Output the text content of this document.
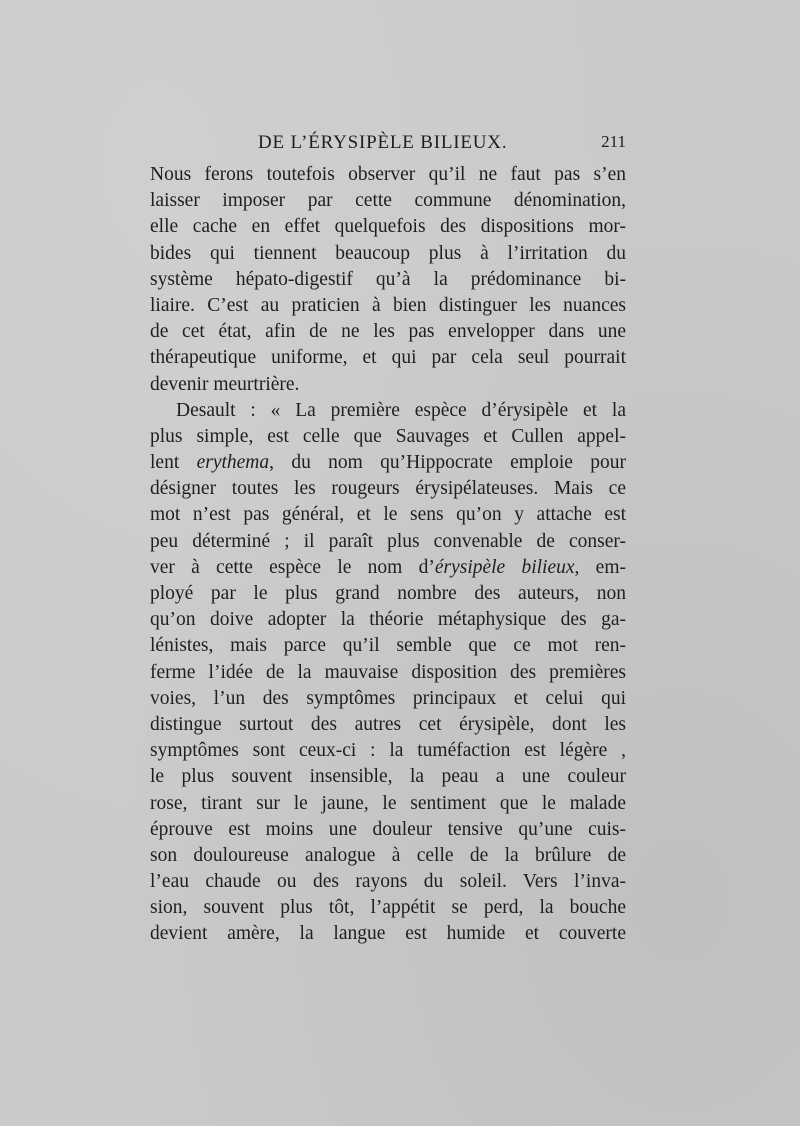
DE L’ÉRYSIPÈLE BILIEUX.	211
Nous ferons toutefois observer qu’il ne faut pas s’en
laisser imposer par cette commune dénomination,
elle cache en effet quelquefois des dispositions mor-
bides qui tiennent beaucoup plus à l’irritation du
système hépato-digestif qu’à la prédominance bi-
liaire. C’est au praticien à bien distinguer les nuances
de cet état, afin de ne les pas envelopper dans une
thérapeutique uniforme, et qui par cela seul pourrait
devenir meurtrière.
Desault : « La première espèce d’érysipèle et la
plus simple, est celle que Sauvages et Cullen appel-
lent erythema, du nom qu’Hippocrate emploie pour
désigner toutes les rougeurs érysipélateuses. Mais ce
mot n’est pas général, et le sens qu’on y attache est
peu déterminé ; il paraît plus convenable de conser-
ver à cette espèce le nom d’érysipèle bilieux, em-
ployé par le plus grand nombre des auteurs, non
qu’on doive adopter la théorie métaphysique des ga-
lénistes, mais parce qu’il semble que ce mot ren-
ferme l’idée de la mauvaise disposition des premières
voies, l’un des symptômes principaux et celui qui
distingue surtout des autres cet érysipèle, dont les
symptômes sont ceux-ci : la tuméfaction est légère ,
le plus souvent insensible, la peau a une couleur
rose, tirant sur le jaune, le sentiment que le malade
éprouve est moins une douleur tensive qu’une cuis-
son douloureuse analogue à celle de la brûlure de
l’eau chaude ou des rayons du soleil. Vers l’inva-
sion, souvent plus tôt, l’appétit se perd, la bouche
devient amère, la langue est humide et couverte
